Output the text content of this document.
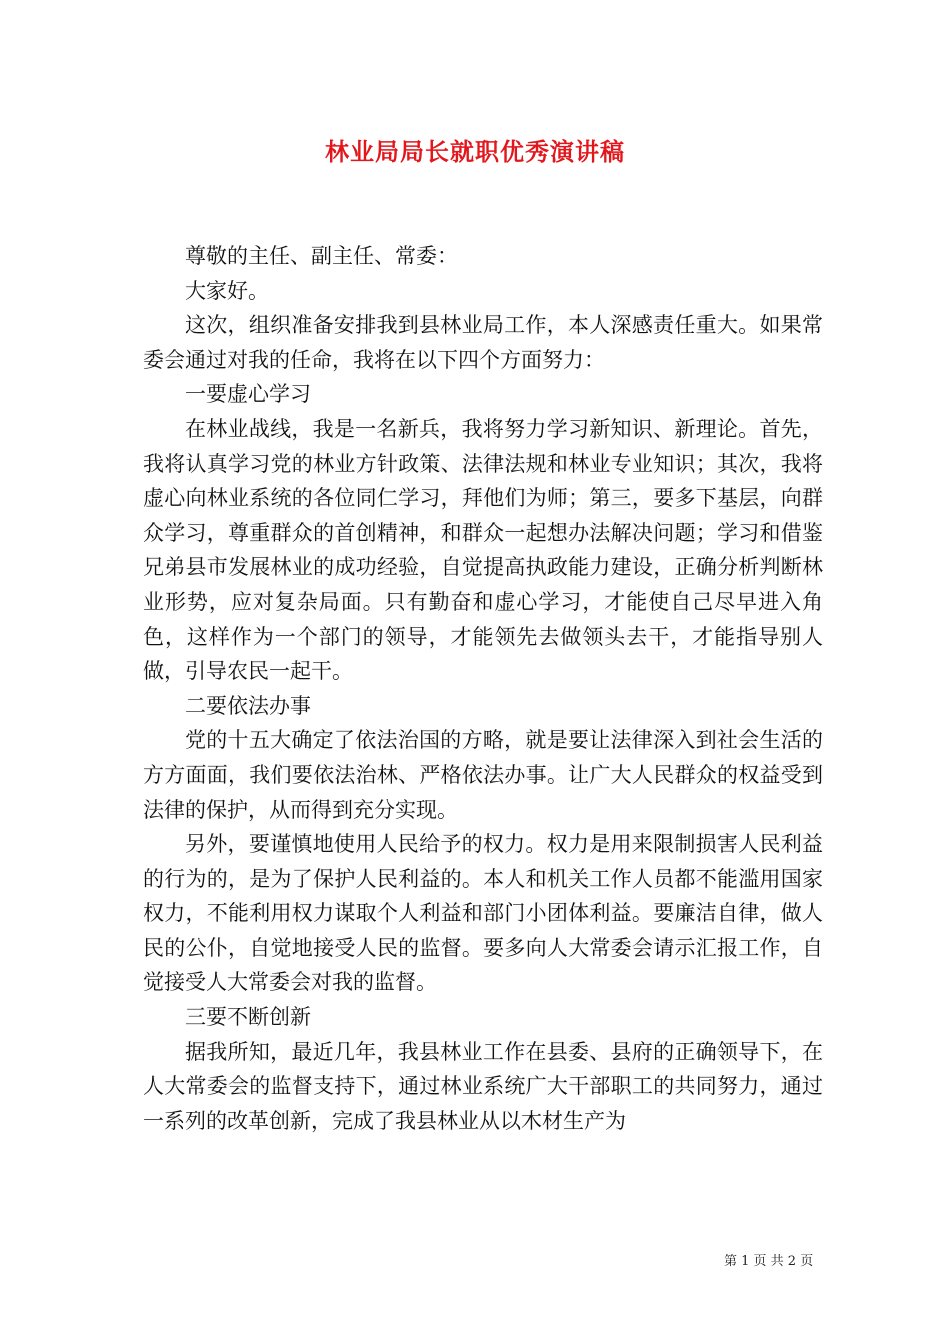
林业局局长就职优秀演讲稿

尊敬的主任、副主任、常委：

大家好。

这次，组织准备安排我到县林业局工作，本人深感责任重大。如果常委会通过对我的任命，我将在以下四个方面努力：

一要虚心学习

在林业战线，我是一名新兵，我将努力学习新知识、新理论。首先，我将认真学习党的林业方针政策、法律法规和林业专业知识；其次，我将虚心向林业系统的各位同仁学习，拜他们为师；第三，要多下基层，向群众学习，尊重群众的首创精神，和群众一起想办法解决问题；学习和借鉴兄弟县市发展林业的成功经验，自觉提高执政能力建设，正确分析判断林业形势，应对复杂局面。只有勤奋和虚心学习，才能使自己尽早进入角色，这样作为一个部门的领导，才能领先去做领头去干，才能指导别人做，引导农民一起干。

二要依法办事

党的十五大确定了依法治国的方略，就是要让法律深入到社会生活的方方面面，我们要依法治林、严格依法办事。让广大人民群众的权益受到法律的保护，从而得到充分实现。

另外，要谨慎地使用人民给予的权力。权力是用来限制损害人民利益的行为的，是为了保护人民利益的。本人和机关工作人员都不能滥用国家权力，不能利用权力谋取个人利益和部门小团体利益。要廉洁自律，做人民的公仆，自觉地接受人民的监督。要多向人大常委会请示汇报工作，自觉接受人大常委会对我的监督。

三要不断创新

据我所知，最近几年，我县林业工作在县委、县府的正确领导下，在人大常委会的监督支持下，通过林业系统广大干部职工的共同努力，通过一系列的改革创新，完成了我县林业从以木材生产为

第 1 页 共 2 页
